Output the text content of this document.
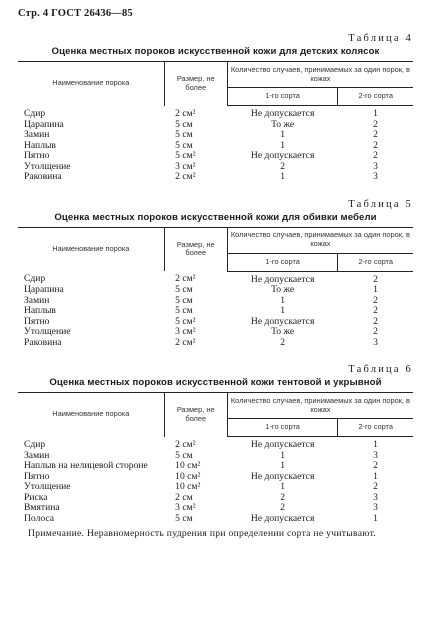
Стр. 4 ГОСТ 26436—85
Таблица 4
Оценка местных пороков искусственной кожи для детских колясок
Наименование порока	Размер, не более	Количество случаев, принимаемых за один порок, в кожах	
		1-го сорта	2-го сорта
Сдир	2 см²	Не допускается	1
Царапина	5 см	То же	2
Замин	5 см	1	2
Наплыв	5 см	1	2
Пятно	5 см²	Не допускается	2
Утолщение	3 см²	2	3
Раковина	2 см²	1	3
Таблица 5
Оценка местных пороков искусственной кожи для обивки мебели
Наименование порока	Размер, не более	Количество случаев, принимаемых за один порок, в кожах	
		1-го сорта	2-го сорта
Сдир	2 см²	Не допускается	2
Царапина	5 см	То же	1
Замин	5 см	1	2
Наплыв	5 см	1	2
Пятно	5 см²	Не допускается	2
Утолщение	3 см²	То же	2
Раковина	2 см²	2	3
Таблица 6
Оценка местных пороков искусственной кожи тентовой и укрывной
Наименование порока	Размер, не более	Количество случаев, принимаемых за один порок, в кожах	
		1-го сорта	2-го сорта
Сдир	2 см²	Не допускается	1
Замин	5 см	1	3
Наплыв на нелицевой стороне	10 см²	1	2
Пятно	10 см²	Не допускается	1
Утолщение	10 см²	1	2
Риска	2 см	2	3
Вмятина	3 см²	2	3
Полоса	5 см	Не допускается	1
Примечание. Неравномерность пудрения при определении сорта не учитывают.
